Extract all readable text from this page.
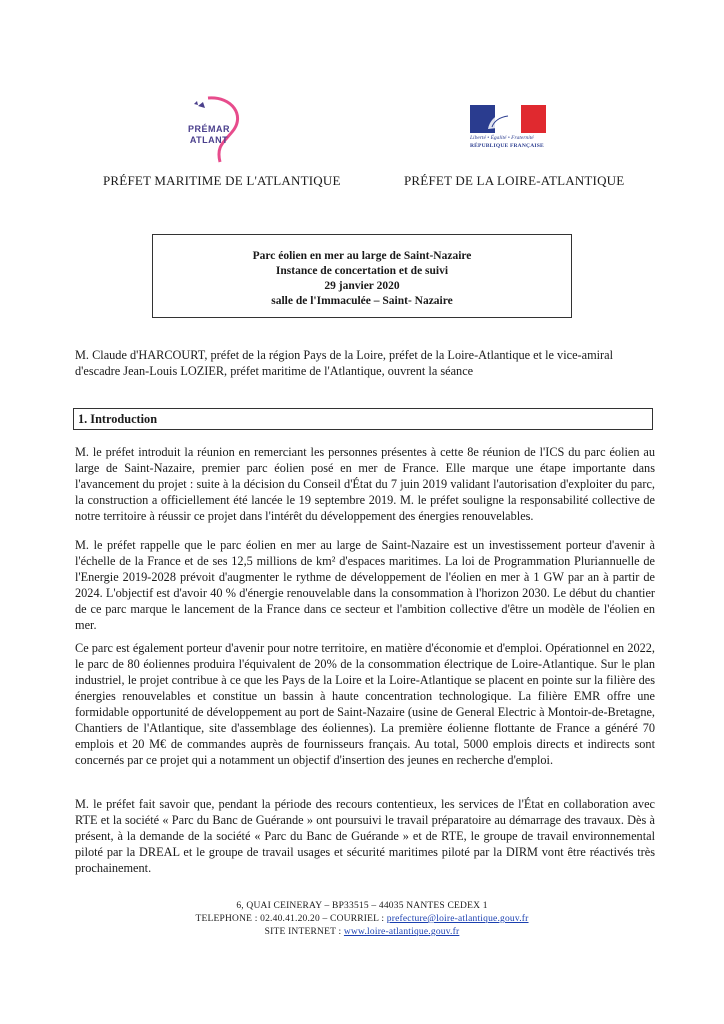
PRÉMAR
ATLANT	Liberté • Égalité • Fraternité
RÉPUBLIQUE FRANÇAISE
PRÉFET MARITIME DE L'ATLANTIQUE	PRÉFET DE LA LOIRE-ATLANTIQUE
Parc éolien en mer au large de Saint-Nazaire
Instance de concertation et de suivi
29 janvier 2020
salle de l'Immaculée – Saint- Nazaire
M. Claude d'HARCOURT, préfet de la région Pays de la Loire, préfet de la Loire-Atlantique et le vice-amiral d'escadre Jean-Louis LOZIER, préfet maritime de l'Atlantique, ouvrent la séance
1. Introduction

M. le préfet introduit la réunion en remerciant les personnes présentes à cette 8e réunion de l'ICS du parc éolien au large de Saint-Nazaire, premier parc éolien posé en mer de France. Elle marque une étape importante dans l'avancement du projet : suite à la décision du Conseil d'État du 7 juin 2019 validant l'autorisation d'exploiter du parc, la construction a officiellement été lancée le 19 septembre 2019. M. le préfet souligne la responsabilité collective de notre territoire à réussir ce projet dans l'intérêt du développement des énergies renouvelables.

M. le préfet rappelle que le parc éolien en mer au large de Saint-Nazaire est un investissement porteur d'avenir à l'échelle de la France et de ses 12,5 millions de km² d'espaces maritimes. La loi de Programmation Pluriannuelle de l'Energie 2019-2028 prévoit d'augmenter le rythme de développement de l'éolien en mer à 1 GW par an à partir de 2024. L'objectif est d'avoir 40 % d'énergie renouvelable dans la consommation à l'horizon 2030. Le début du chantier de ce parc marque le lancement de la France dans ce secteur et l'ambition collective d'être un modèle de l'éolien en mer.

Ce parc est également porteur d'avenir pour notre territoire, en matière d'économie et d'emploi. Opérationnel en 2022, le parc de 80 éoliennes produira l'équivalent de 20% de la consommation électrique de Loire-Atlantique. Sur le plan industriel, le projet contribue à ce que les Pays de la Loire et la Loire-Atlantique se placent en pointe sur la filière des énergies renouvelables et constitue un bassin à haute concentration technologique. La filière EMR offre une formidable opportunité de développement au port de Saint-Nazaire (usine de General Electric à Montoir-de-Bretagne, Chantiers de l'Atlantique, site d'assemblage des éoliennes). La première éolienne flottante de France a généré 70 emplois et 20 M€ de commandes auprès de fournisseurs français. Au total, 5000 emplois directs et indirects sont concernés par ce projet qui a notamment un objectif d'insertion des jeunes en recherche d'emploi.

M. le préfet fait savoir que, pendant la période des recours contentieux, les services de l'État en collaboration avec RTE et la société « Parc du Banc de Guérande » ont poursuivi le travail préparatoire au démarrage des travaux. Dès à présent, à la demande de la société « Parc du Banc de Guérande » et de RTE, le groupe de travail environnemental piloté par la DREAL et le groupe de travail usages et sécurité maritimes piloté par la DIRM vont être réactivés très prochainement.

6, QUAI CEINERAY – BP33515 – 44035 NANTES CEDEX 1
TELEPHONE : 02.40.41.20.20 – COURRIEL : prefecture@loire-atlantique.gouv.fr
SITE INTERNET : www.loire-atlantique.gouv.fr
